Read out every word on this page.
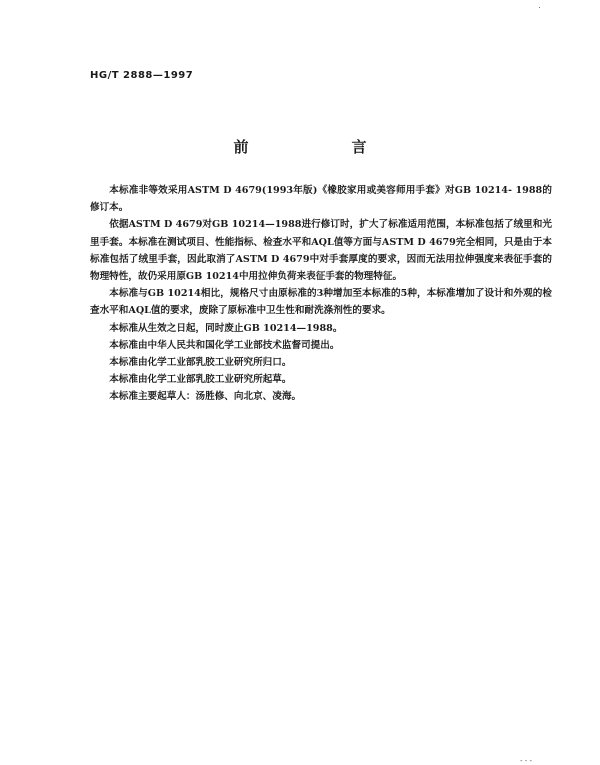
HG/T 2888—1997
前　言

本标准非等效采用ASTM D 4679(1993年版)《橡胶家用或美容师用手套》对GB 10214- 1988的修订本。

依据ASTM D 4679对GB 10214—1988进行修订时，扩大了标准适用范围，本标准包括了绒里和光里手套。本标准在测试项目、性能指标、检查水平和AQL值等方面与ASTM D 4679完全相同，只是由于本标准包括了绒里手套，因此取消了ASTM D 4679中对手套厚度的要求，因而无法用拉伸强度来表征手套的物理特性，故仍采用原GB 10214中用拉伸负荷来表征手套的物理特征。

本标准与GB 10214相比，规格尺寸由原标准的3种增加至本标准的5种，本标准增加了设计和外观的检查水平和AQL值的要求，废除了原标准中卫生性和耐洗涤剂性的要求。

本标准从生效之日起，同时废止GB 10214—1988。

本标准由中华人民共和国化学工业部技术监督司提出。

本标准由化学工业部乳胶工业研究所归口。

本标准由化学工业部乳胶工业研究所起草。

本标准主要起草人：汤胜修、向北京、凌海。

- - -
